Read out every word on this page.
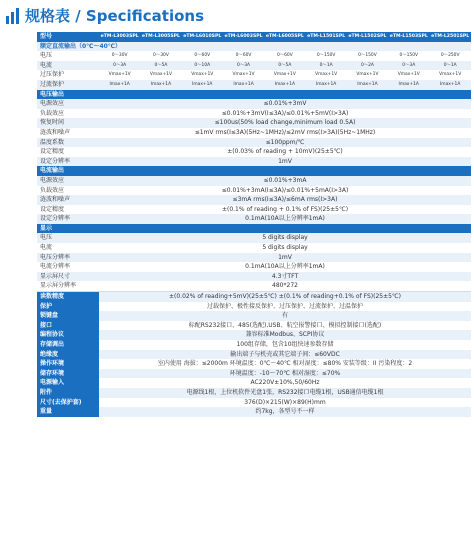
规格表 / Specifications
型号	eTM-L3003SPL	eTM-L3005SPL	eTM-L6010SPL	eTM-L6003SPL	eTM-L6005SPL	eTM-L1501SPL	eTM-L1502SPL	eTM-L1503SPL	eTM-L2501SPL
额定直流输出（0℃～40℃）									
电压	0～30V	0～30V	0～60V	0～60V	0～60V	0～150V	0～150V	0～150V	0～250V
电流	0～3A	0～5A	0～10A	0～3A	0～5A	0～1A	0～2A	0～3A	0～1A
过压保护	Vmax+1V	Vmax+1V	Vmax+1V	Vmax+1V	Vmax+1V	Vmax+1V	Vmax+1V	Vmax+1V	Vmax+1V
过流保护	Imax+1A	Imax+1A	Imax+1A	Imax+1A	Imax+1A	Imax+1A	Imax+1A	Imax+1A	Imax+1A
电压输出									
电源效应	≤0.01%+3mV								
负载效应	≤0.01%+3mV(I≤3A)/≤0.01%+5mV(I>3A)								
恢复时间	≤100us(50% load change,minimum load 0.5A)								
涟波和噪声	≤1mV rms(I≤3A)(5Hz~1MHz)/≤2mV rms(I>3A)(5Hz~1MHz)								
温度系数	≤100ppm/℃								
设定精度	±(0.03% of reading + 10mV)(25±5℃)								
设定分辨率	1mV								
电流输出									
电源效应	≤0.01%+3mA								
负载效应	≤0.01%+3mA(I≤3A)/≤0.01%+5mA(I>3A)								
涟波和噪声	≤3mA rms(I≤3A)/≤6mA rms(I>3A)								
设定精度	±(0.1% of reading + 0.1% of FS)(25±5℃)								
设定分辨率	0.1mA(10A以上分辨率1mA)								
显示									
电压	5 digits display								
电流	5 digits display								
电压分辨率	1mV								
电流分辨率	0.1mA(10A以上分辨率1mA)								
显示屏尺寸	4.3寸TFT								
显示屏分辨率	480*272								
读数精度	±(0.02% of reading+5mV)(25±5℃) ±(0.1% of reading+0.1% of FS)(25±5℃)								
保护	过载保护、极性接反保护、过压保护、过流保护、过温保护								
锁键盘	有								
接口	标配RS232接口、485(选配),USB、航空报警接口、模拟控制接口(选配)								
编程协议	兼容标准Modbus、SCPI协议								
存储调出	100组存储，包含10组快速参数存储								
绝缘度	输出端子与机壳或其它端子间：≤60VDC								
操作环境	室内使用 海拔：≤2000m 环境温度：0℃～40℃ 相对湿度：≤80% 安装等级：II 污染程度：2								
储存环境	环境温度：-10～70℃ 相对湿度：≤70%								
电源输入	AC220V±10%,50/60Hz								
附件	电源线1根，上位机软件光盘1张，RS232接口电缆1根，USB通信电缆1根								
尺寸(去保护套)	376(D)×215(W)×89(H)mm								
重量	约7kg，各型号不一样								
